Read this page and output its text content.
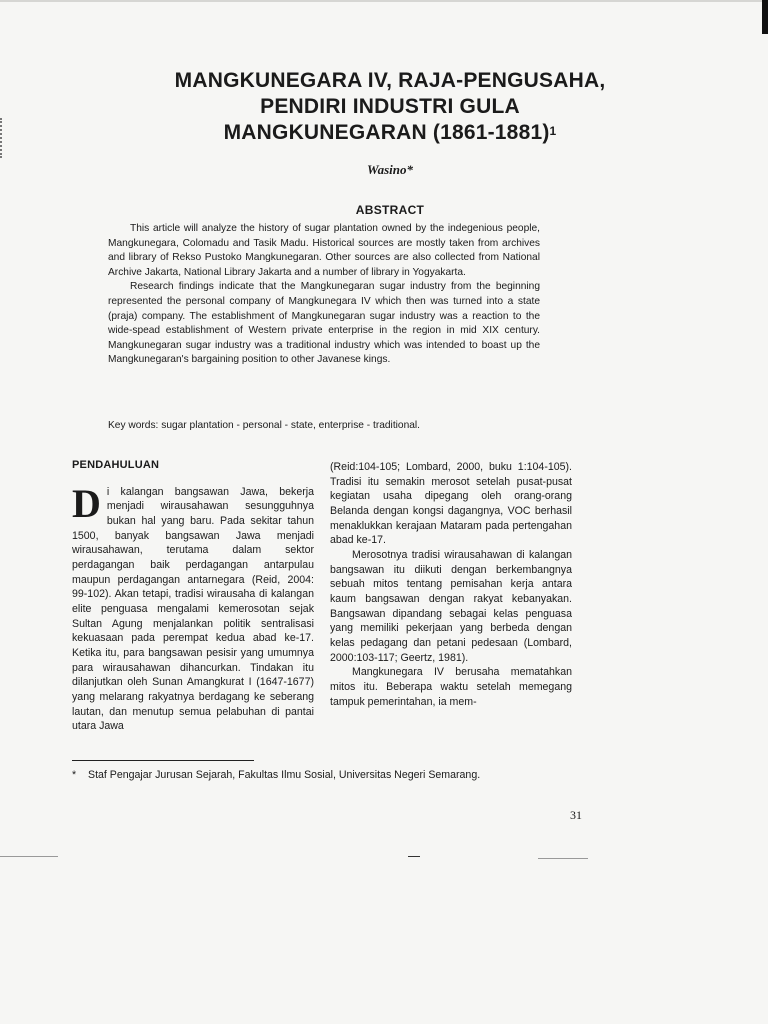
MANGKUNEGARA IV, RAJA-PENGUSAHA,
PENDIRI INDUSTRI GULA
MANGKUNEGARAN (1861-1881)$^1$
Wasino*
ABSTRACT

This article will analyze the history of sugar plantation owned by the indegenious people, Mangkunegara, Colomadu and Tasik Madu. Historical sources are mostly taken from archives and library of Rekso Pustoko Mangkunegaran. Other sources are also collected from National Archive Jakarta, National Library Jakarta and a number of library in Yogyakarta.

Research findings indicate that the Mangkunegaran sugar industry from the beginning represented the personal company of Mangkunegara IV which then was turned into a state (praja) company. The establishment of Mangkunegaran sugar industry was a reaction to the wide-spead establishment of Western private enterprise in the region in mid XIX century. Mangkunegaran sugar industry was a traditional industry which was intended to boast up the Mangkunegaran's bargaining position to other Javanese kings.

Key words: sugar plantation - personal - state, enterprise - traditional.
PENDAHULUAN

Di kalangan bangsawan Jawa, bekerja menjadi wirausahawan sesungguhnya bukan hal yang baru. Pada sekitar tahun 1500, banyak bangsawan Jawa menjadi wirausahawan, terutama dalam sektor perdagangan baik perdagangan antarpulau maupun perdagangan antarnegara (Reid, 2004: 99-102). Akan tetapi, tradisi wirausaha di kalangan elite penguasa mengalami kemerosotan sejak Sultan Agung menjalankan politik sentralisasi kekuasaan pada perempat kedua abad ke-17. Ketika itu, para bangsawan pesisir yang umumnya para wirausahawan dihancurkan. Tindakan itu dilanjutkan oleh Sunan Amangkurat I (1647-1677) yang melarang rakyatnya berdagang ke seberang lautan, dan menutup semua pelabuhan di pantai utara Jawa

(Reid:104-105; Lombard, 2000, buku 1:104-105). Tradisi itu semakin merosot setelah pusat-pusat kegiatan usaha dipegang oleh orang-orang Belanda dengan kongsi dagangnya, VOC berhasil menaklukkan kerajaan Mataram pada pertengahan abad ke-17.

Merosotnya tradisi wirausahawan di kalangan bangsawan itu diikuti dengan berkembangnya sebuah mitos tentang pemisahan kerja antara kaum bangsawan dengan rakyat kebanyakan. Bangsawan dipandang sebagai kelas penguasa yang memiliki pekerjaan yang berbeda dengan kelas pedagang dan petani pedesaan (Lombard, 2000:103-117; Geertz, 1981).

Mangkunegara IV berusaha mematahkan mitos itu. Beberapa waktu setelah memegang tampuk pemerintahan, ia mem-

* Staf Pengajar Jurusan Sejarah, Fakultas Ilmu Sosial, Universitas Negeri Semarang.
31
